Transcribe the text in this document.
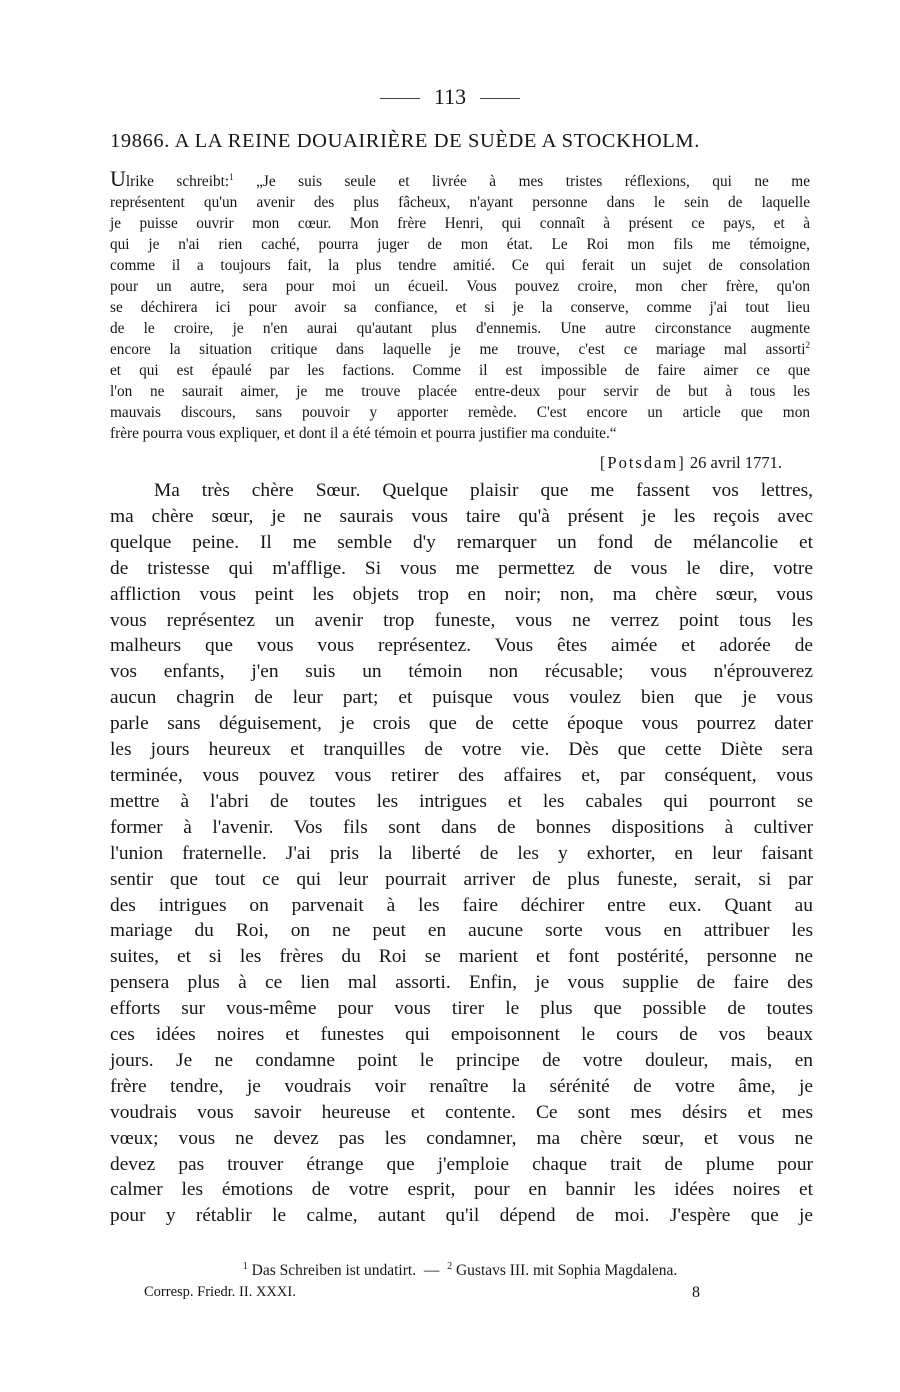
113
19866. A LA REINE DOUAIRIÈRE DE SUÈDE A STOCKHOLM.
Ulrike schreibt:$^1$ „Je suis seule et livrée à mes tristes réflexions, qui ne me
représentent qu'un avenir des plus fâcheux, n'ayant personne dans le sein de laquelle
je puisse ouvrir mon cœur. Mon frère Henri, qui connaît à présent ce pays, et à
qui je n'ai rien caché, pourra juger de mon état. Le Roi mon fils me témoigne,
comme il a toujours fait, la plus tendre amitié. Ce qui ferait un sujet de consolation
pour un autre, sera pour moi un écueil. Vous pouvez croire, mon cher frère, qu'on
se déchirera ici pour avoir sa confiance, et si je la conserve, comme j'ai tout lieu
de le croire, je n'en aurai qu'autant plus d'ennemis. Une autre circonstance augmente
encore la situation critique dans laquelle je me trouve, c'est ce mariage mal assorti$^2$
et qui est épaulé par les factions. Comme il est impossible de faire aimer ce que
l'on ne saurait aimer, je me trouve placée entre-deux pour servir de but à tous les
mauvais discours, sans pouvoir y apporter remède. C'est encore un article que mon
frère pourra vous expliquer, et dont il a été témoin et pourra justifier ma conduite.“
[Potsdam] 26 avril 1771.
Ma très chère Sœur. Quelque plaisir que me fassent vos lettres,
ma chère sœur, je ne saurais vous taire qu'à présent je les reçois avec
quelque peine. Il me semble d'y remarquer un fond de mélancolie et
de tristesse qui m'afflige. Si vous me permettez de vous le dire, votre
affliction vous peint les objets trop en noir; non, ma chère sœur, vous
vous représentez un avenir trop funeste, vous ne verrez point tous les
malheurs que vous vous représentez. Vous êtes aimée et adorée de
vos enfants, j'en suis un témoin non récusable; vous n'éprouverez
aucun chagrin de leur part; et puisque vous voulez bien que je vous
parle sans déguisement, je crois que de cette époque vous pourrez dater
les jours heureux et tranquilles de votre vie. Dès que cette Diète sera
terminée, vous pouvez vous retirer des affaires et, par conséquent, vous
mettre à l'abri de toutes les intrigues et les cabales qui pourront se
former à l'avenir. Vos fils sont dans de bonnes dispositions à cultiver
l'union fraternelle. J'ai pris la liberté de les y exhorter, en leur faisant
sentir que tout ce qui leur pourrait arriver de plus funeste, serait, si par
des intrigues on parvenait à les faire déchirer entre eux. Quant au
mariage du Roi, on ne peut en aucune sorte vous en attribuer les
suites, et si les frères du Roi se marient et font postérité, personne ne
pensera plus à ce lien mal assorti. Enfin, je vous supplie de faire des
efforts sur vous-même pour vous tirer le plus que possible de toutes
ces idées noires et funestes qui empoisonnent le cours de vos beaux
jours. Je ne condamne point le principe de votre douleur, mais, en
frère tendre, je voudrais voir renaître la sérénité de votre âme, je
voudrais vous savoir heureuse et contente. Ce sont mes désirs et mes
vœux; vous ne devez pas les condamner, ma chère sœur, et vous ne
devez pas trouver étrange que j'emploie chaque trait de plume pour
calmer les émotions de votre esprit, pour en bannir les idées noires et
pour y rétablir le calme, autant qu'il dépend de moi. J'espère que je
$^1$ Das Schreiben ist undatirt. — $^2$ Gustavs III. mit Sophia Magdalena.
Corresp. Friedr. II. XXXI.	8
